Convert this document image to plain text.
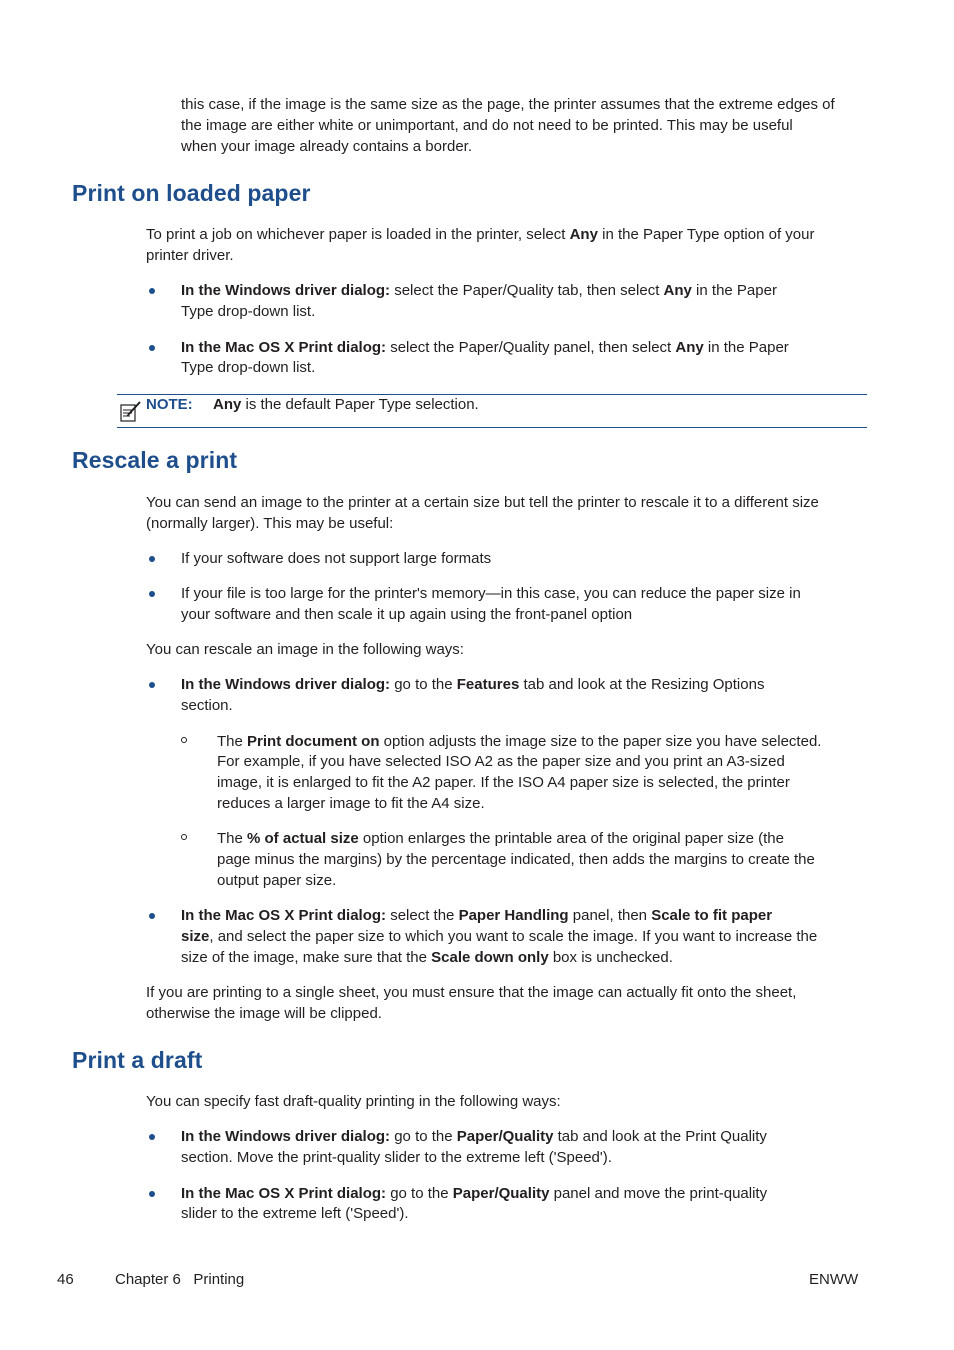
this case, if the image is the same size as the page, the printer assumes that the extreme edges of

the image are either white or unimportant, and do not need to be printed. This may be useful

when your image already contains a border.

Print on loaded paper

To print a job on whichever paper is loaded in the printer, select Any in the Paper Type option of your

printer driver.

In the Windows driver dialog: select the Paper/Quality tab, then select Any in the Paper

Type drop-down list.

In the Mac OS X Print dialog: select the Paper/Quality panel, then select Any in the Paper

Type drop-down list.

NOTE: Any is the default Paper Type selection.
Rescale a print

You can send an image to the printer at a certain size but tell the printer to rescale it to a different size

(normally larger). This may be useful:

If your software does not support large formats

If your file is too large for the printer's memory—in this case, you can reduce the paper size in

your software and then scale it up again using the front-panel option

You can rescale an image in the following ways:

In the Windows driver dialog: go to the Features tab and look at the Resizing Options

section.

The Print document on option adjusts the image size to the paper size you have selected.

For example, if you have selected ISO A2 as the paper size and you print an A3-sized

image, it is enlarged to fit the A2 paper. If the ISO A4 paper size is selected, the printer

reduces a larger image to fit the A4 size.

The % of actual size option enlarges the printable area of the original paper size (the

page minus the margins) by the percentage indicated, then adds the margins to create the

output paper size.

In the Mac OS X Print dialog: select the Paper Handling panel, then Scale to fit paper

size, and select the paper size to which you want to scale the image. If you want to increase the

size of the image, make sure that the Scale down only box is unchecked.

If you are printing to a single sheet, you must ensure that the image can actually fit onto the sheet,

otherwise the image will be clipped.

Print a draft

You can specify fast draft-quality printing in the following ways:

In the Windows driver dialog: go to the Paper/Quality tab and look at the Print Quality

section. Move the print-quality slider to the extreme left ('Speed').

In the Mac OS X Print dialog: go to the Paper/Quality panel and move the print-quality

slider to the extreme left ('Speed').

46	Chapter 6   Printing	ENWW
